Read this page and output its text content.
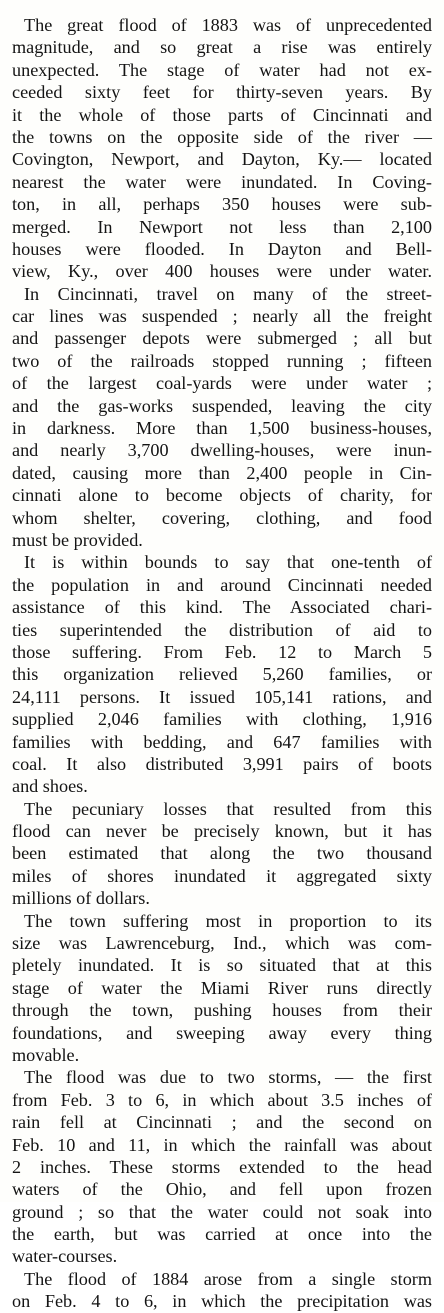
The great flood of 1883 was of unprecedented
magnitude, and so great a rise was entirely
unexpected. The stage of water had not ex-
ceeded sixty feet for thirty-seven years. By
it the whole of those parts of Cincinnati and
the towns on the opposite side of the river —
Covington, Newport, and Dayton, Ky.— located
nearest the water were inundated. In Coving-
ton, in all, perhaps 350 houses were sub-
merged. In Newport not less than 2,100
houses were flooded. In Dayton and Bell-
view, Ky., over 400 houses were under water.
In Cincinnati, travel on many of the street-
car lines was suspended ; nearly all the freight
and passenger depots were submerged ; all but
two of the railroads stopped running ; fifteen
of the largest coal-yards were under water ;
and the gas-works suspended, leaving the city
in darkness. More than 1,500 business-houses,
and nearly 3,700 dwelling-houses, were inun-
dated, causing more than 2,400 people in Cin-
cinnati alone to become objects of charity, for
whom shelter, covering, clothing, and food
must be provided.
It is within bounds to say that one-tenth of
the population in and around Cincinnati needed
assistance of this kind. The Associated chari-
ties superintended the distribution of aid to
those suffering. From Feb. 12 to March 5
this organization relieved 5,260 families, or
24,111 persons. It issued 105,141 rations, and
supplied 2,046 families with clothing, 1,916
families with bedding, and 647 families with
coal. It also distributed 3,991 pairs of boots
and shoes.
The pecuniary losses that resulted from this
flood can never be precisely known, but it has
been estimated that along the two thousand
miles of shores inundated it aggregated sixty
millions of dollars.
The town suffering most in proportion to its
size was Lawrenceburg, Ind., which was com-
pletely inundated. It is so situated that at this
stage of water the Miami River runs directly
through the town, pushing houses from their
foundations, and sweeping away every thing
movable.
The flood was due to two storms, — the first
from Feb. 3 to 6, in which about 3.5 inches of
rain fell at Cincinnati ; and the second on
Feb. 10 and 11, in which the rainfall was about
2 inches. These storms extended to the head
waters of the Ohio, and fell upon frozen
ground ; so that the water could not soak into
the earth, but was carried at once into the
water-courses.
The flood of 1884 arose from a single storm
on Feb. 4 to 6, in which the precipitation was
